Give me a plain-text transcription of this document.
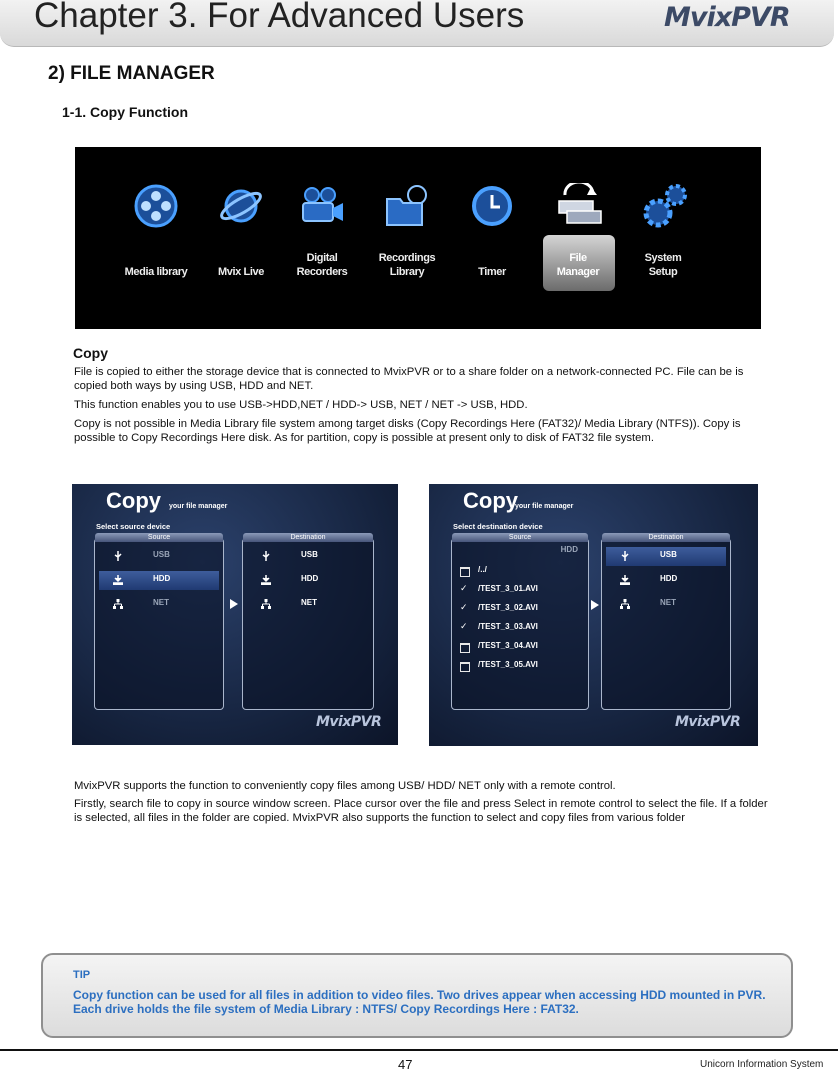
Chapter 3. For Advanced Users	MvixPVR
2) FILE MANAGER
1-1. Copy Function
Media library	Mvix Live
Digital
Recorders
Recordings
Library	Timer
File
Manager
System
Setup
Copy
File is copied to either the storage device that is connected to MvixPVR or to a share folder on a network-connected PC. File can be is copied both ways by using USB, HDD and NET.
This function enables you to use USB->HDD,NET / HDD-> USB, NET / NET -> USB, HDD.
Copy is not possible in Media Library file system among target disks (Copy Recordings Here (FAT32)/ Media Library (NTFS)). Copy is possible to Copy Recordings Here disk. As for partition, copy is possible at present only to disk of FAT32 file system.
Copy your file manager
Select source device
Source
USB
HDD
NET
Destination
USB
HDD
NET
MvixPVR
Copy
your file manager
Select destination device
Source
HDD
/../
✓ /TEST_3_01.AVI
✓ /TEST_3_02.AVI
✓ /TEST_3_03.AVI
/TEST_3_04.AVI
/TEST_3_05.AVI
Destination
USB
HDD
NET
MvixPVR
MvixPVR supports the function to conveniently copy files among USB/ HDD/ NET only with a remote control.
Firstly, search file to copy in source window screen. Place cursor over the file and press Select in remote control to select the file. If a folder is selected, all files in the folder are copied. MvixPVR also supports the function to select and copy files from various folder
TIP
Copy function can be used for all files in addition to video files. Two drives appear when accessing HDD mounted in PVR. Each drive holds the file system of Media Library : NTFS/ Copy Recordings Here : FAT32.
47	Unicorn Information System
